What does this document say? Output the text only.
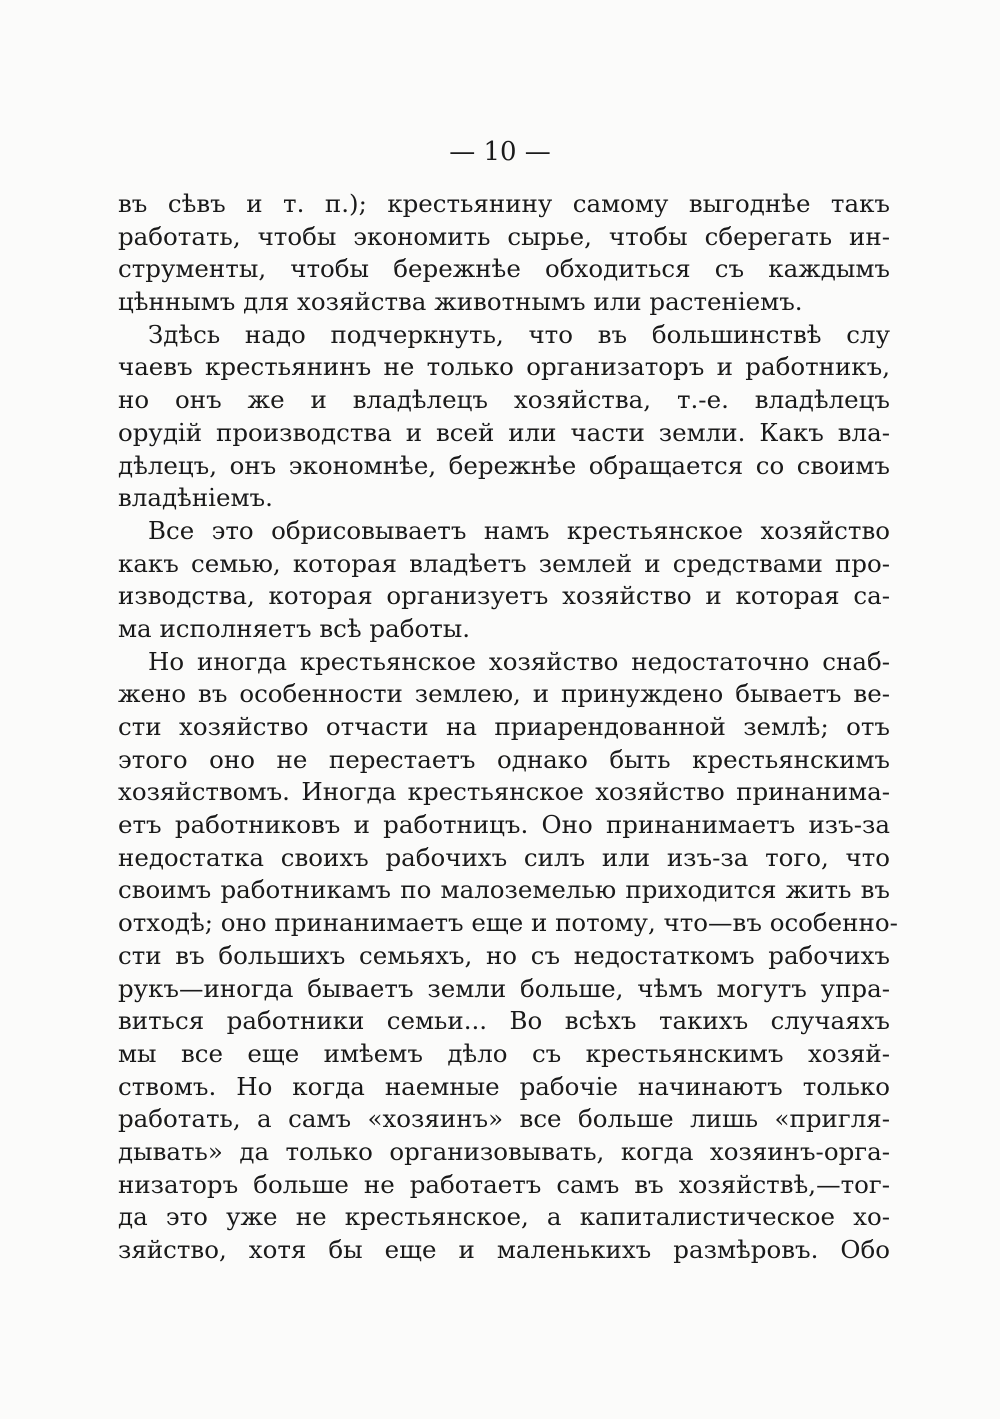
— 10 —
въ сѣвъ и т. п.); крестьянину самому выгоднѣе такъ
работать, чтобы экономить сырье, чтобы сберегать ин-
струменты, чтобы бережнѣе обходиться съ каждымъ
цѣннымъ для хозяйства животнымъ или растеніемъ.
Здѣсь надо подчеркнуть, что въ большинствѣ слу
чаевъ крестьянинъ не только организаторъ и работникъ,
но онъ же и владѣлецъ хозяйства, т.-е. владѣлецъ
орудій производства и всей или части земли. Какъ вла-
дѣлецъ, онъ экономнѣе, бережнѣе обращается со своимъ
владѣніемъ.
Все это обрисовываетъ намъ крестьянское хозяйство
какъ семью, которая владѣетъ землей и средствами про-
изводства, которая организуетъ хозяйство и которая са-
ма исполняетъ всѣ работы.
Но иногда крестьянское хозяйство недостаточно снаб-
жено въ особенности землею, и принуждено бываетъ ве-
сти хозяйство отчасти на приарендованной землѣ; отъ
этого оно не перестаетъ однако быть крестьянскимъ
хозяйствомъ. Иногда крестьянское хозяйство принанима-
етъ работниковъ и работницъ. Оно принанимаетъ изъ-за
недостатка своихъ рабочихъ силъ или изъ-за того, что
своимъ работникамъ по малоземелью приходится жить въ
отходѣ; оно принанимаетъ еще и потому, что—въ особенно-
сти въ большихъ семьяхъ, но съ недостаткомъ рабочихъ
рукъ—иногда бываетъ земли больше, чѣмъ могутъ упра-
виться работники семьи... Во всѣхъ такихъ случаяхъ
мы все еще имѣемъ дѣло съ крестьянскимъ хозяй-
ствомъ. Но когда наемные рабочіе начинаютъ только
работать, а самъ «хозяинъ» все больше лишь «пригля-
дывать» да только организовывать, когда хозяинъ-орга-
низаторъ больше не работаетъ самъ въ хозяйствѣ,—тог-
да это уже не крестьянское, а капиталистическое хо-
зяйство, хотя бы еще и маленькихъ размѣровъ. Обо
